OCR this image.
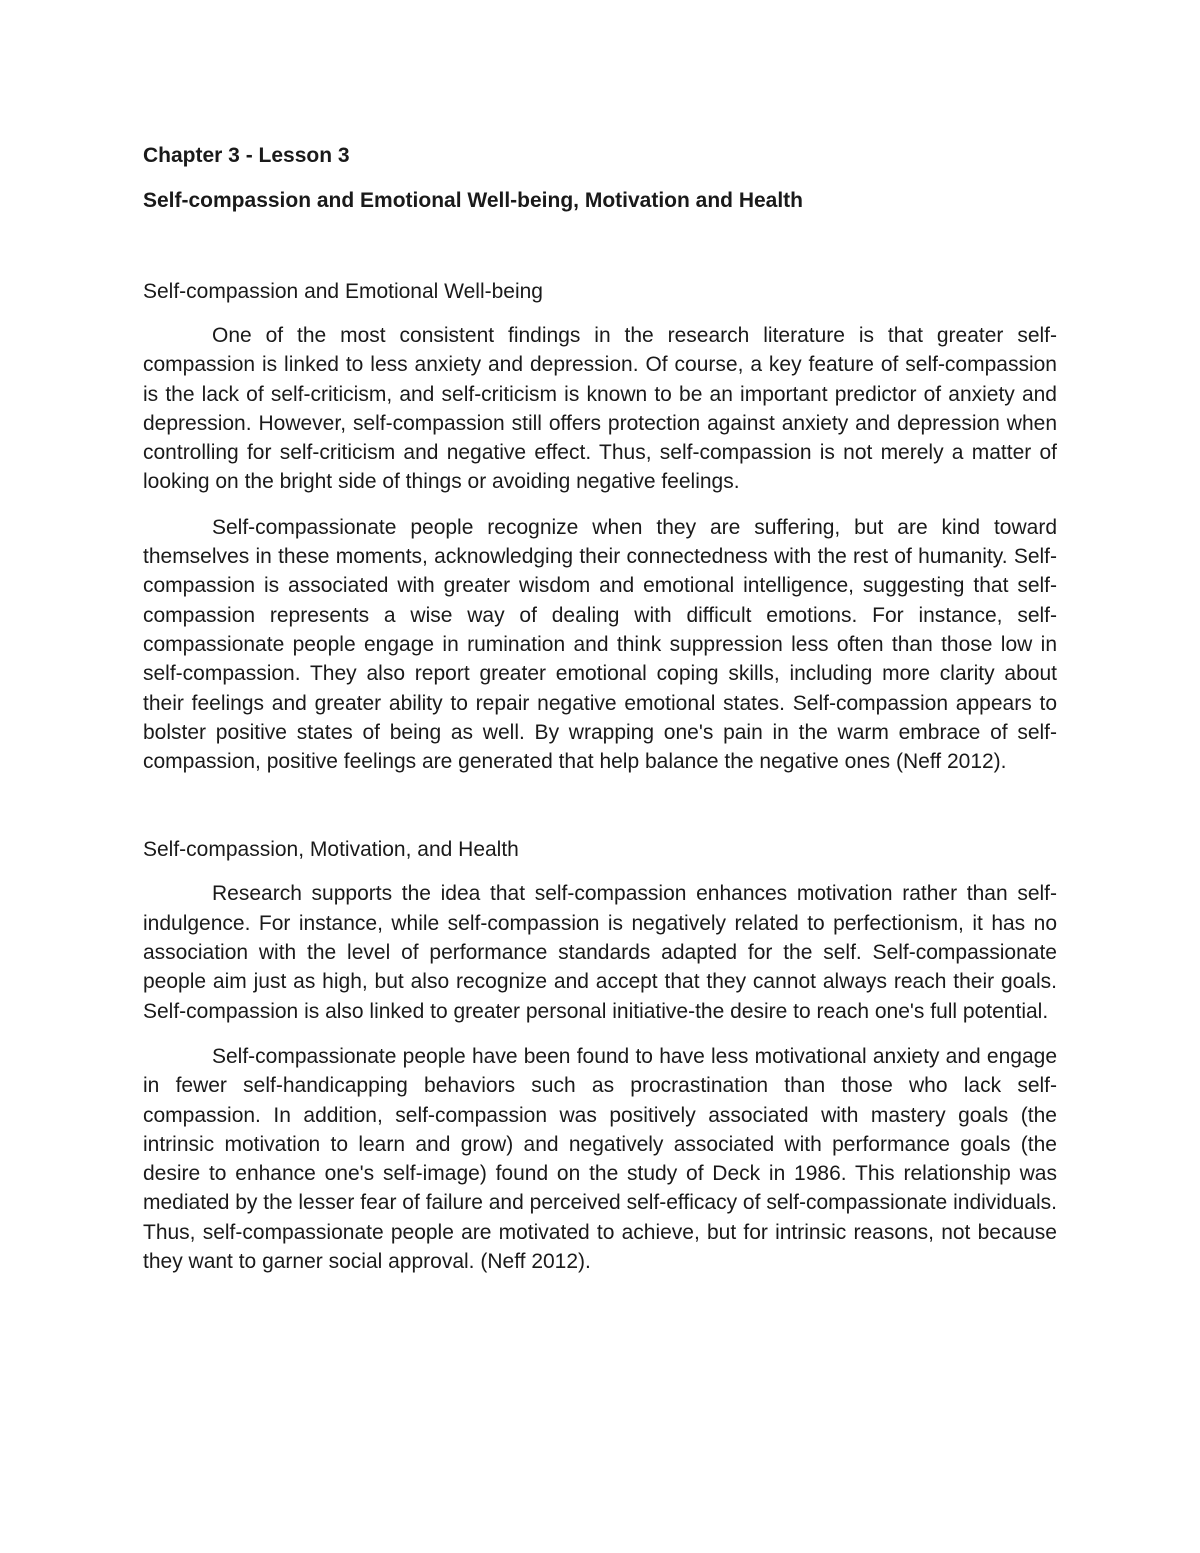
Chapter 3 - Lesson 3
Self-compassion and Emotional Well-being, Motivation and Health
Self-compassion and Emotional Well-being

One of the most consistent findings in the research literature is that greater self-compassion is linked to less anxiety and depression. Of course, a key feature of self-compassion is the lack of self-criticism, and self-criticism is known to be an important predictor of anxiety and depression. However, self-compassion still offers protection against anxiety and depression when controlling for self-criticism and negative effect. Thus, self-compassion is not merely a matter of looking on the bright side of things or avoiding negative feelings.

Self-compassionate people recognize when they are suffering, but are kind toward themselves in these moments, acknowledging their connectedness with the rest of humanity. Self-compassion is associated with greater wisdom and emotional intelligence, suggesting that self-compassion represents a wise way of dealing with difficult emotions. For instance, self-compassionate people engage in rumination and think suppression less often than those low in self-compassion. They also report greater emotional coping skills, including more clarity about their feelings and greater ability to repair negative emotional states. Self-compassion appears to bolster positive states of being as well. By wrapping one's pain in the warm embrace of self-compassion, positive feelings are generated that help balance the negative ones (Neff 2012).

Self-compassion, Motivation, and Health

Research supports the idea that self-compassion enhances motivation rather than self-indulgence. For instance, while self-compassion is negatively related to perfectionism, it has no association with the level of performance standards adapted for the self. Self-compassionate people aim just as high, but also recognize and accept that they cannot always reach their goals. Self-compassion is also linked to greater personal initiative-the desire to reach one's full potential.

Self-compassionate people have been found to have less motivational anxiety and engage in fewer self-handicapping behaviors such as procrastination than those who lack self-compassion. In addition, self-compassion was positively associated with mastery goals (the intrinsic motivation to learn and grow) and negatively associated with performance goals (the desire to enhance one's self-image) found on the study of Deck in 1986. This relationship was mediated by the lesser fear of failure and perceived self-efficacy of self-compassionate individuals. Thus, self-compassionate people are motivated to achieve, but for intrinsic reasons, not because they want to garner social approval. (Neff 2012).
